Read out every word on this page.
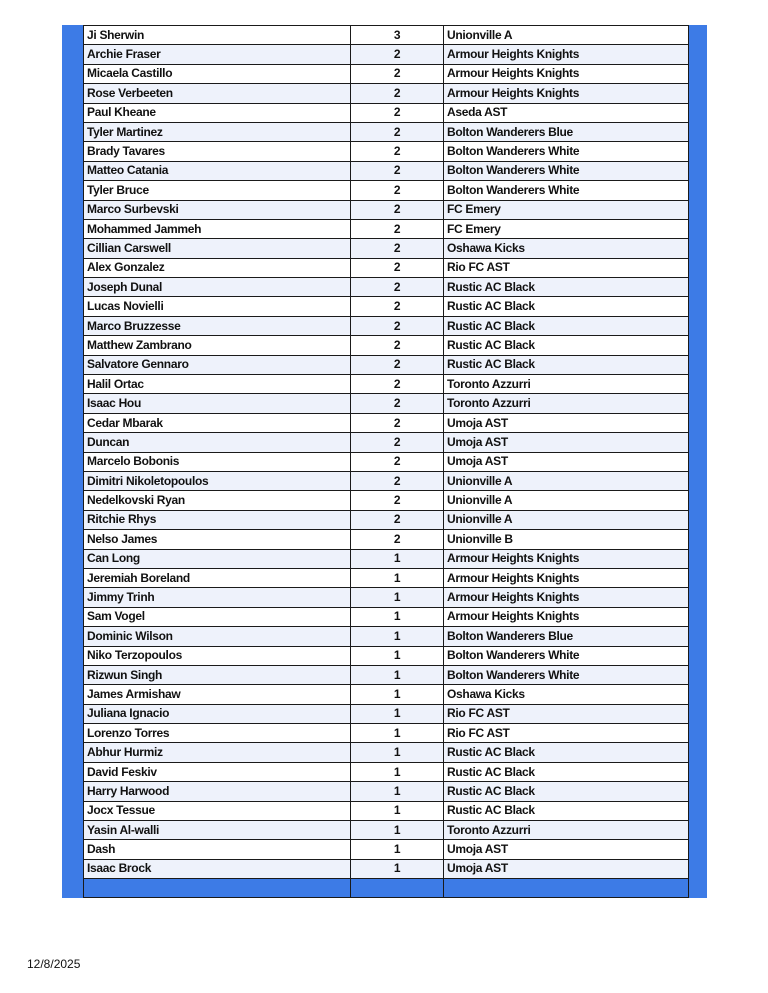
Ji Sherwin	3	Unionville A
Archie Fraser	2	Armour Heights Knights
Micaela Castillo	2	Armour Heights Knights
Rose Verbeeten	2	Armour Heights Knights
Paul Kheane	2	Aseda AST
Tyler Martinez	2	Bolton Wanderers Blue
Brady Tavares	2	Bolton Wanderers White
Matteo Catania	2	Bolton Wanderers White
Tyler Bruce	2	Bolton Wanderers White
Marco Surbevski	2	FC Emery
Mohammed Jammeh	2	FC Emery
Cillian Carswell	2	Oshawa Kicks
Alex Gonzalez	2	Rio FC AST
Joseph Dunal	2	Rustic AC Black
Lucas Novielli	2	Rustic AC Black
Marco Bruzzesse	2	Rustic AC Black
Matthew Zambrano	2	Rustic AC Black
Salvatore Gennaro	2	Rustic AC Black
Halil Ortac	2	Toronto Azzurri
Isaac Hou	2	Toronto Azzurri
Cedar Mbarak	2	Umoja AST
Duncan	2	Umoja AST
Marcelo Bobonis	2	Umoja AST
Dimitri Nikoletopoulos	2	Unionville A
Nedelkovski Ryan	2	Unionville A
Ritchie Rhys	2	Unionville A
Nelso James	2	Unionville B
Can Long	1	Armour Heights Knights
Jeremiah Boreland	1	Armour Heights Knights
Jimmy Trinh	1	Armour Heights Knights
Sam Vogel	1	Armour Heights Knights
Dominic Wilson	1	Bolton Wanderers Blue
Niko Terzopoulos	1	Bolton Wanderers White
Rizwun Singh	1	Bolton Wanderers White
James Armishaw	1	Oshawa Kicks
Juliana Ignacio	1	Rio FC AST
Lorenzo Torres	1	Rio FC AST
Abhur Hurmiz	1	Rustic AC Black
David Feskiv	1	Rustic AC Black
Harry Harwood	1	Rustic AC Black
Jocx Tessue	1	Rustic AC Black
Yasin Al-walli	1	Toronto Azzurri
Dash	1	Umoja AST
Isaac Brock	1	Umoja AST

12/8/2025
